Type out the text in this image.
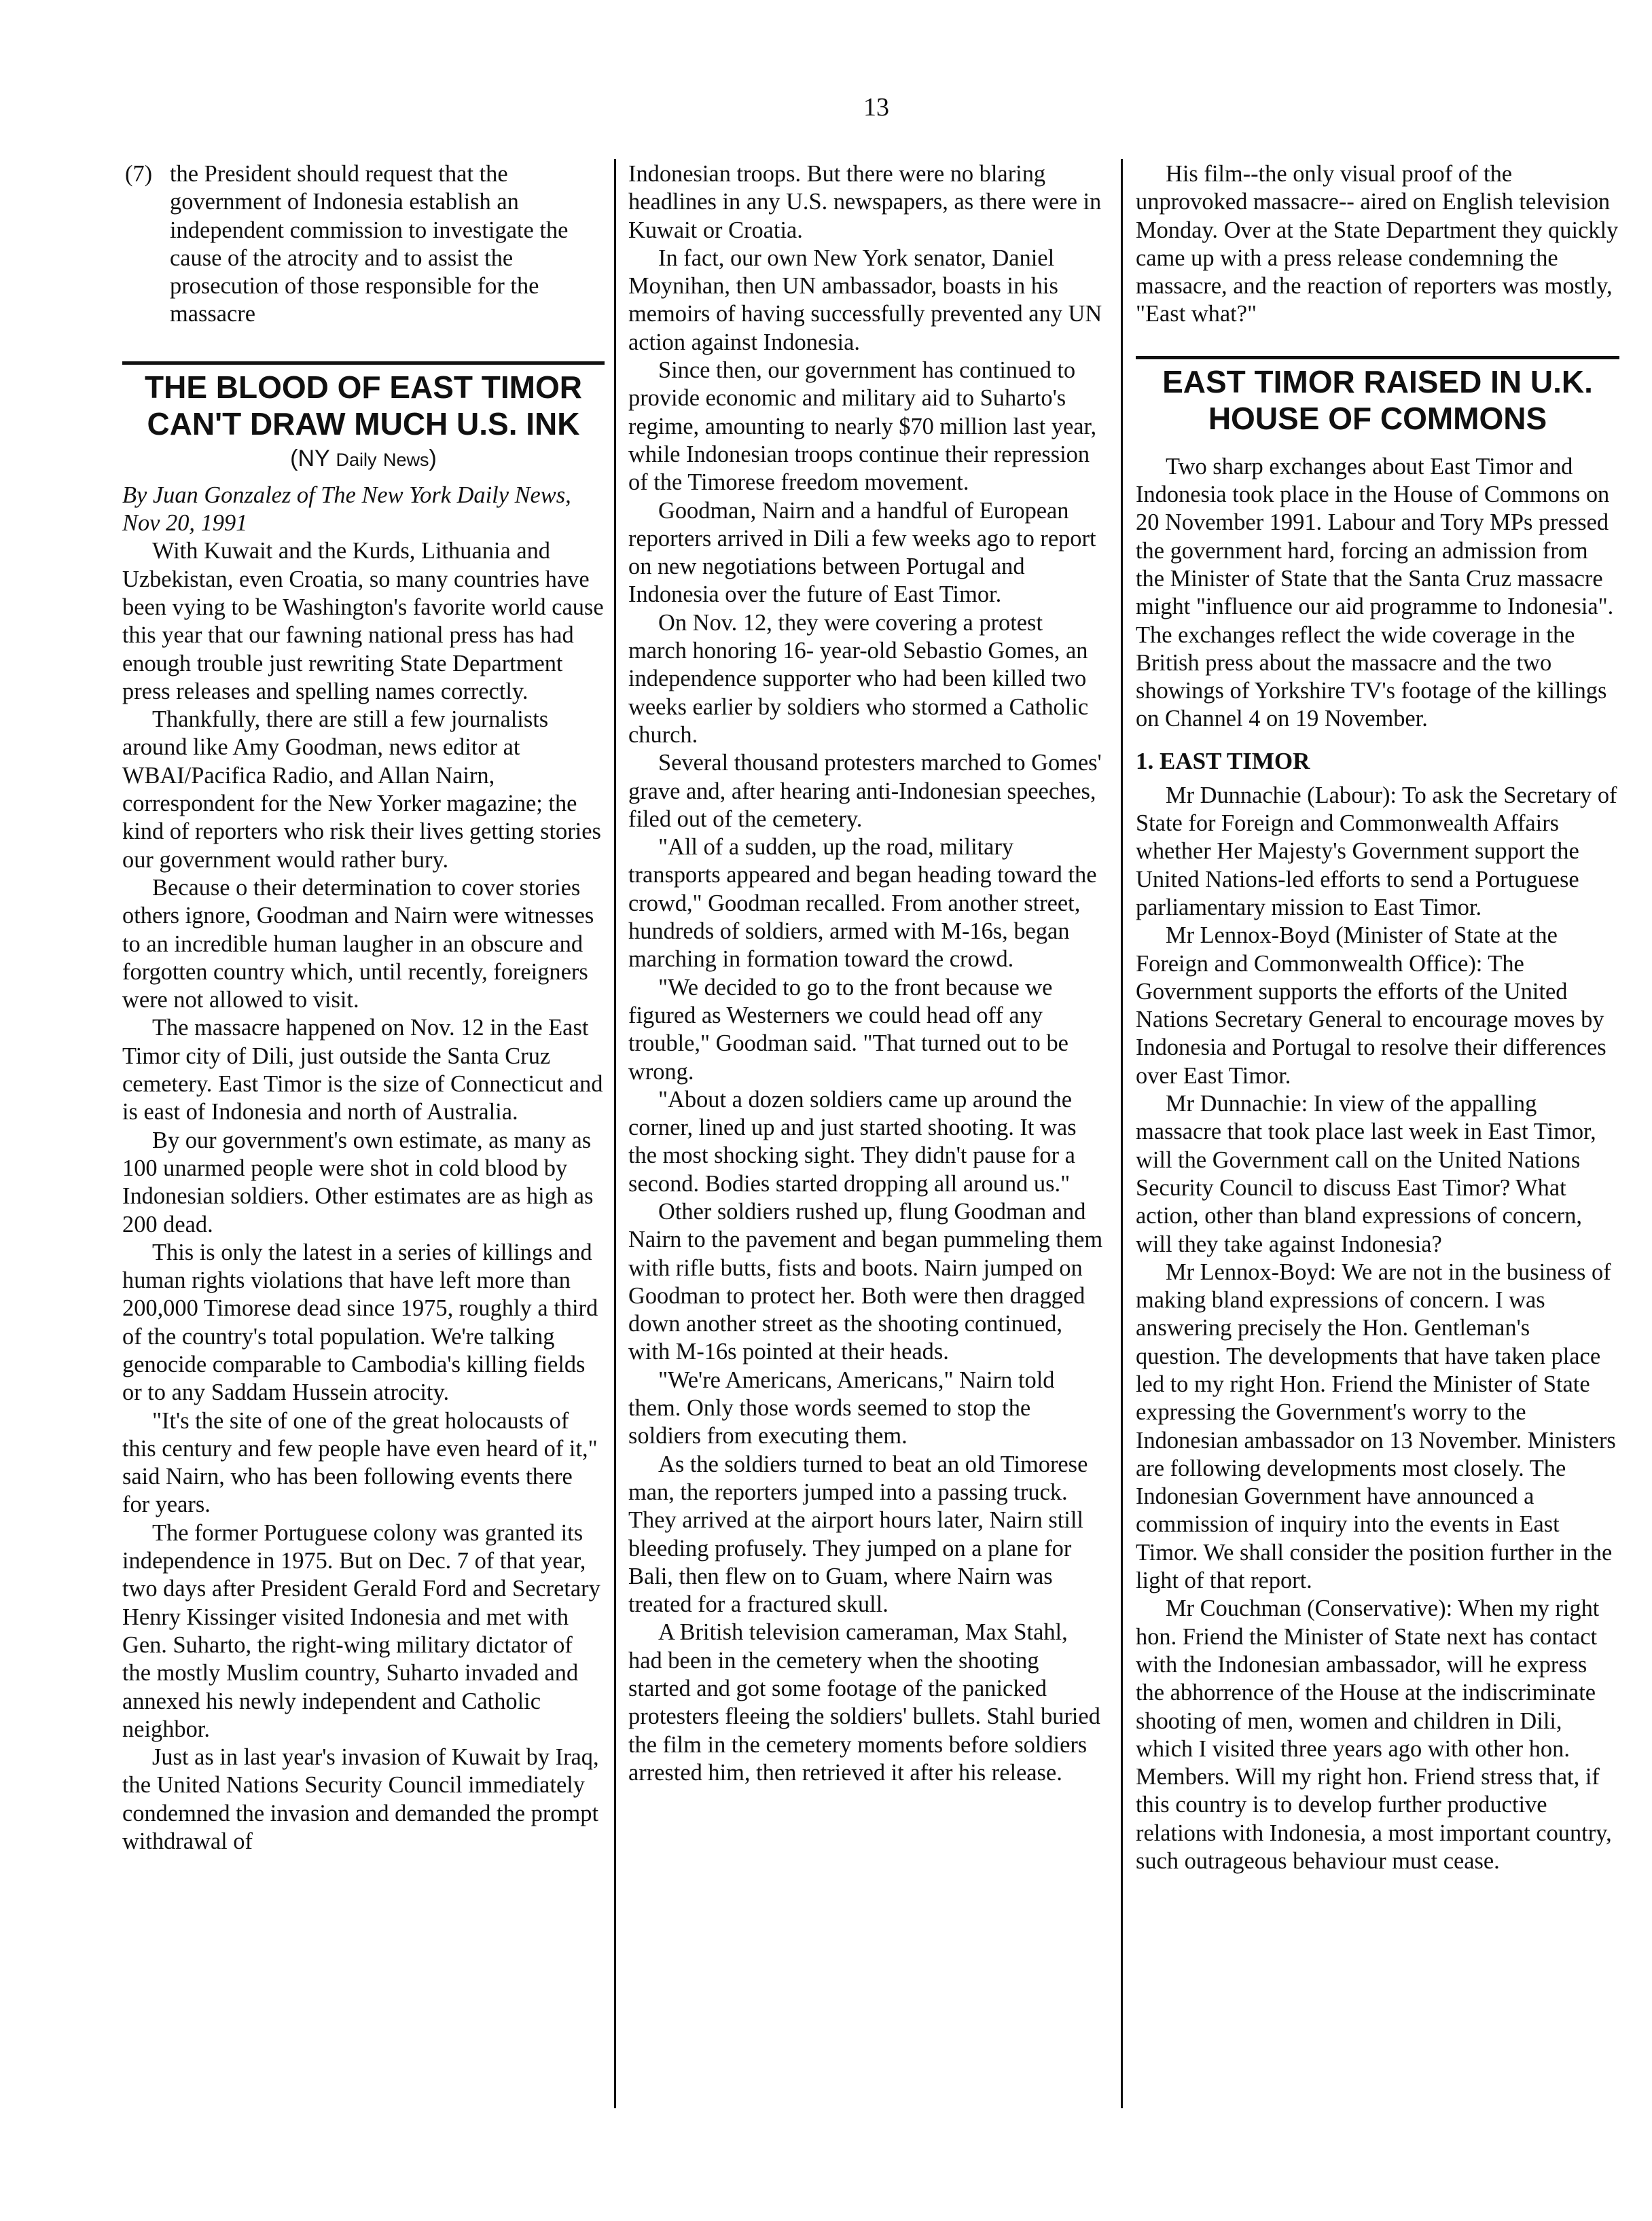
13
(7) the President should request that the government of Indonesia establish an independent commission to investigate the cause of the atrocity and to assist the prosecution of those responsible for the massacre
THE BLOOD OF EAST TIMOR CAN'T DRAW MUCH U.S. INK
(NY Daily News)

By Juan Gonzalez of The New York Daily News, Nov 20, 1991

With Kuwait and the Kurds, Lithuania and Uzbekistan, even Croatia, so many countries have been vying to be Washington's favorite world cause this year that our fawning national press has had enough trouble just rewriting State Department press releases and spelling names correctly.

Thankfully, there are still a few journalists around like Amy Goodman, news editor at WBAI/Pacifica Radio, and Allan Nairn, correspondent for the New Yorker magazine; the kind of reporters who risk their lives getting stories our government would rather bury.

Because o their determination to cover stories others ignore, Goodman and Nairn were witnesses to an incredible human laugher in an obscure and forgotten country which, until recently, foreigners were not allowed to visit.

The massacre happened on Nov. 12 in the East Timor city of Dili, just outside the Santa Cruz cemetery. East Timor is the size of Connecticut and is east of Indonesia and north of Australia.

By our government's own estimate, as many as 100 unarmed people were shot in cold blood by Indonesian soldiers. Other estimates are as high as 200 dead.

This is only the latest in a series of killings and human rights violations that have left more than 200,000 Timorese dead since 1975, roughly a third of the country's total population. We're talking genocide comparable to Cambodia's killing fields or to any Saddam Hussein atrocity.

"It's the site of one of the great holocausts of this century and few people have even heard of it," said Nairn, who has been following events there for years.

The former Portuguese colony was granted its independence in 1975. But on Dec. 7 of that year, two days after President Gerald Ford and Secretary Henry Kissinger visited Indonesia and met with Gen. Suharto, the right-wing military dictator of the mostly Muslim country, Suharto invaded and annexed his newly independent and Catholic neighbor.

Just as in last year's invasion of Kuwait by Iraq, the United Nations Security Council immediately condemned the invasion and demanded the prompt withdrawal of

Indonesian troops. But there were no blaring headlines in any U.S. newspapers, as there were in Kuwait or Croatia.

In fact, our own New York senator, Daniel Moynihan, then UN ambassador, boasts in his memoirs of having successfully prevented any UN action against Indonesia.

Since then, our government has continued to provide economic and military aid to Suharto's regime, amounting to nearly $70 million last year, while Indonesian troops continue their repression of the Timorese freedom movement.

Goodman, Nairn and a handful of European reporters arrived in Dili a few weeks ago to report on new negotiations between Portugal and Indonesia over the future of East Timor.

On Nov. 12, they were covering a protest march honoring 16- year-old Sebastio Gomes, an independence supporter who had been killed two weeks earlier by soldiers who stormed a Catholic church.

Several thousand protesters marched to Gomes' grave and, after hearing anti-Indonesian speeches, filed out of the cemetery.

"All of a sudden, up the road, military transports appeared and began heading toward the crowd," Goodman recalled. From another street, hundreds of soldiers, armed with M-16s, began marching in formation toward the crowd.

"We decided to go to the front because we figured as Westerners we could head off any trouble," Goodman said. "That turned out to be wrong.

"About a dozen soldiers came up around the corner, lined up and just started shooting. It was the most shocking sight. They didn't pause for a second. Bodies started dropping all around us."

Other soldiers rushed up, flung Goodman and Nairn to the pavement and began pummeling them with rifle butts, fists and boots. Nairn jumped on Goodman to protect her. Both were then dragged down another street as the shooting continued, with M-16s pointed at their heads.

"We're Americans, Americans," Nairn told them. Only those words seemed to stop the soldiers from executing them.

As the soldiers turned to beat an old Timorese man, the reporters jumped into a passing truck. They arrived at the airport hours later, Nairn still bleeding profusely. They jumped on a plane for Bali, then flew on to Guam, where Nairn was treated for a fractured skull.

A British television cameraman, Max Stahl, had been in the cemetery when the shooting started and got some footage of the panicked protesters fleeing the soldiers' bullets. Stahl buried the film in the cemetery moments before soldiers arrested him, then retrieved it after his release.

His film--the only visual proof of the unprovoked massacre-- aired on English television Monday. Over at the State Department they quickly came up with a press release condemning the massacre, and the reaction of reporters was mostly, "East what?"

EAST TIMOR RAISED IN U.K. HOUSE OF COMMONS

Two sharp exchanges about East Timor and Indonesia took place in the House of Commons on 20 November 1991. Labour and Tory MPs pressed the government hard, forcing an admission from the Minister of State that the Santa Cruz massacre might "influence our aid programme to Indonesia". The exchanges reflect the wide coverage in the British press about the massacre and the two showings of Yorkshire TV's footage of the killings on Channel 4 on 19 November.

1. EAST TIMOR

Mr Dunnachie (Labour): To ask the Secretary of State for Foreign and Commonwealth Affairs whether Her Majesty's Government support the United Nations-led efforts to send a Portuguese parliamentary mission to East Timor.

Mr Lennox-Boyd (Minister of State at the Foreign and Commonwealth Office): The Government supports the efforts of the United Nations Secretary General to encourage moves by Indonesia and Portugal to resolve their differences over East Timor.

Mr Dunnachie: In view of the appalling massacre that took place last week in East Timor, will the Government call on the United Nations Security Council to discuss East Timor? What action, other than bland expressions of concern, will they take against Indonesia?

Mr Lennox-Boyd: We are not in the business of making bland expressions of concern. I was answering precisely the Hon. Gentleman's question. The developments that have taken place led to my right Hon. Friend the Minister of State expressing the Government's worry to the Indonesian ambassador on 13 November. Ministers are following developments most closely. The Indonesian Government have announced a commission of inquiry into the events in East Timor. We shall consider the position further in the light of that report.

Mr Couchman (Conservative): When my right hon. Friend the Minister of State next has contact with the Indonesian ambassador, will he express the abhorrence of the House at the indiscriminate shooting of men, women and children in Dili, which I visited three years ago with other hon. Members. Will my right hon. Friend stress that, if this country is to develop further productive relations with Indonesia, a most important country, such outrageous behaviour must cease.
